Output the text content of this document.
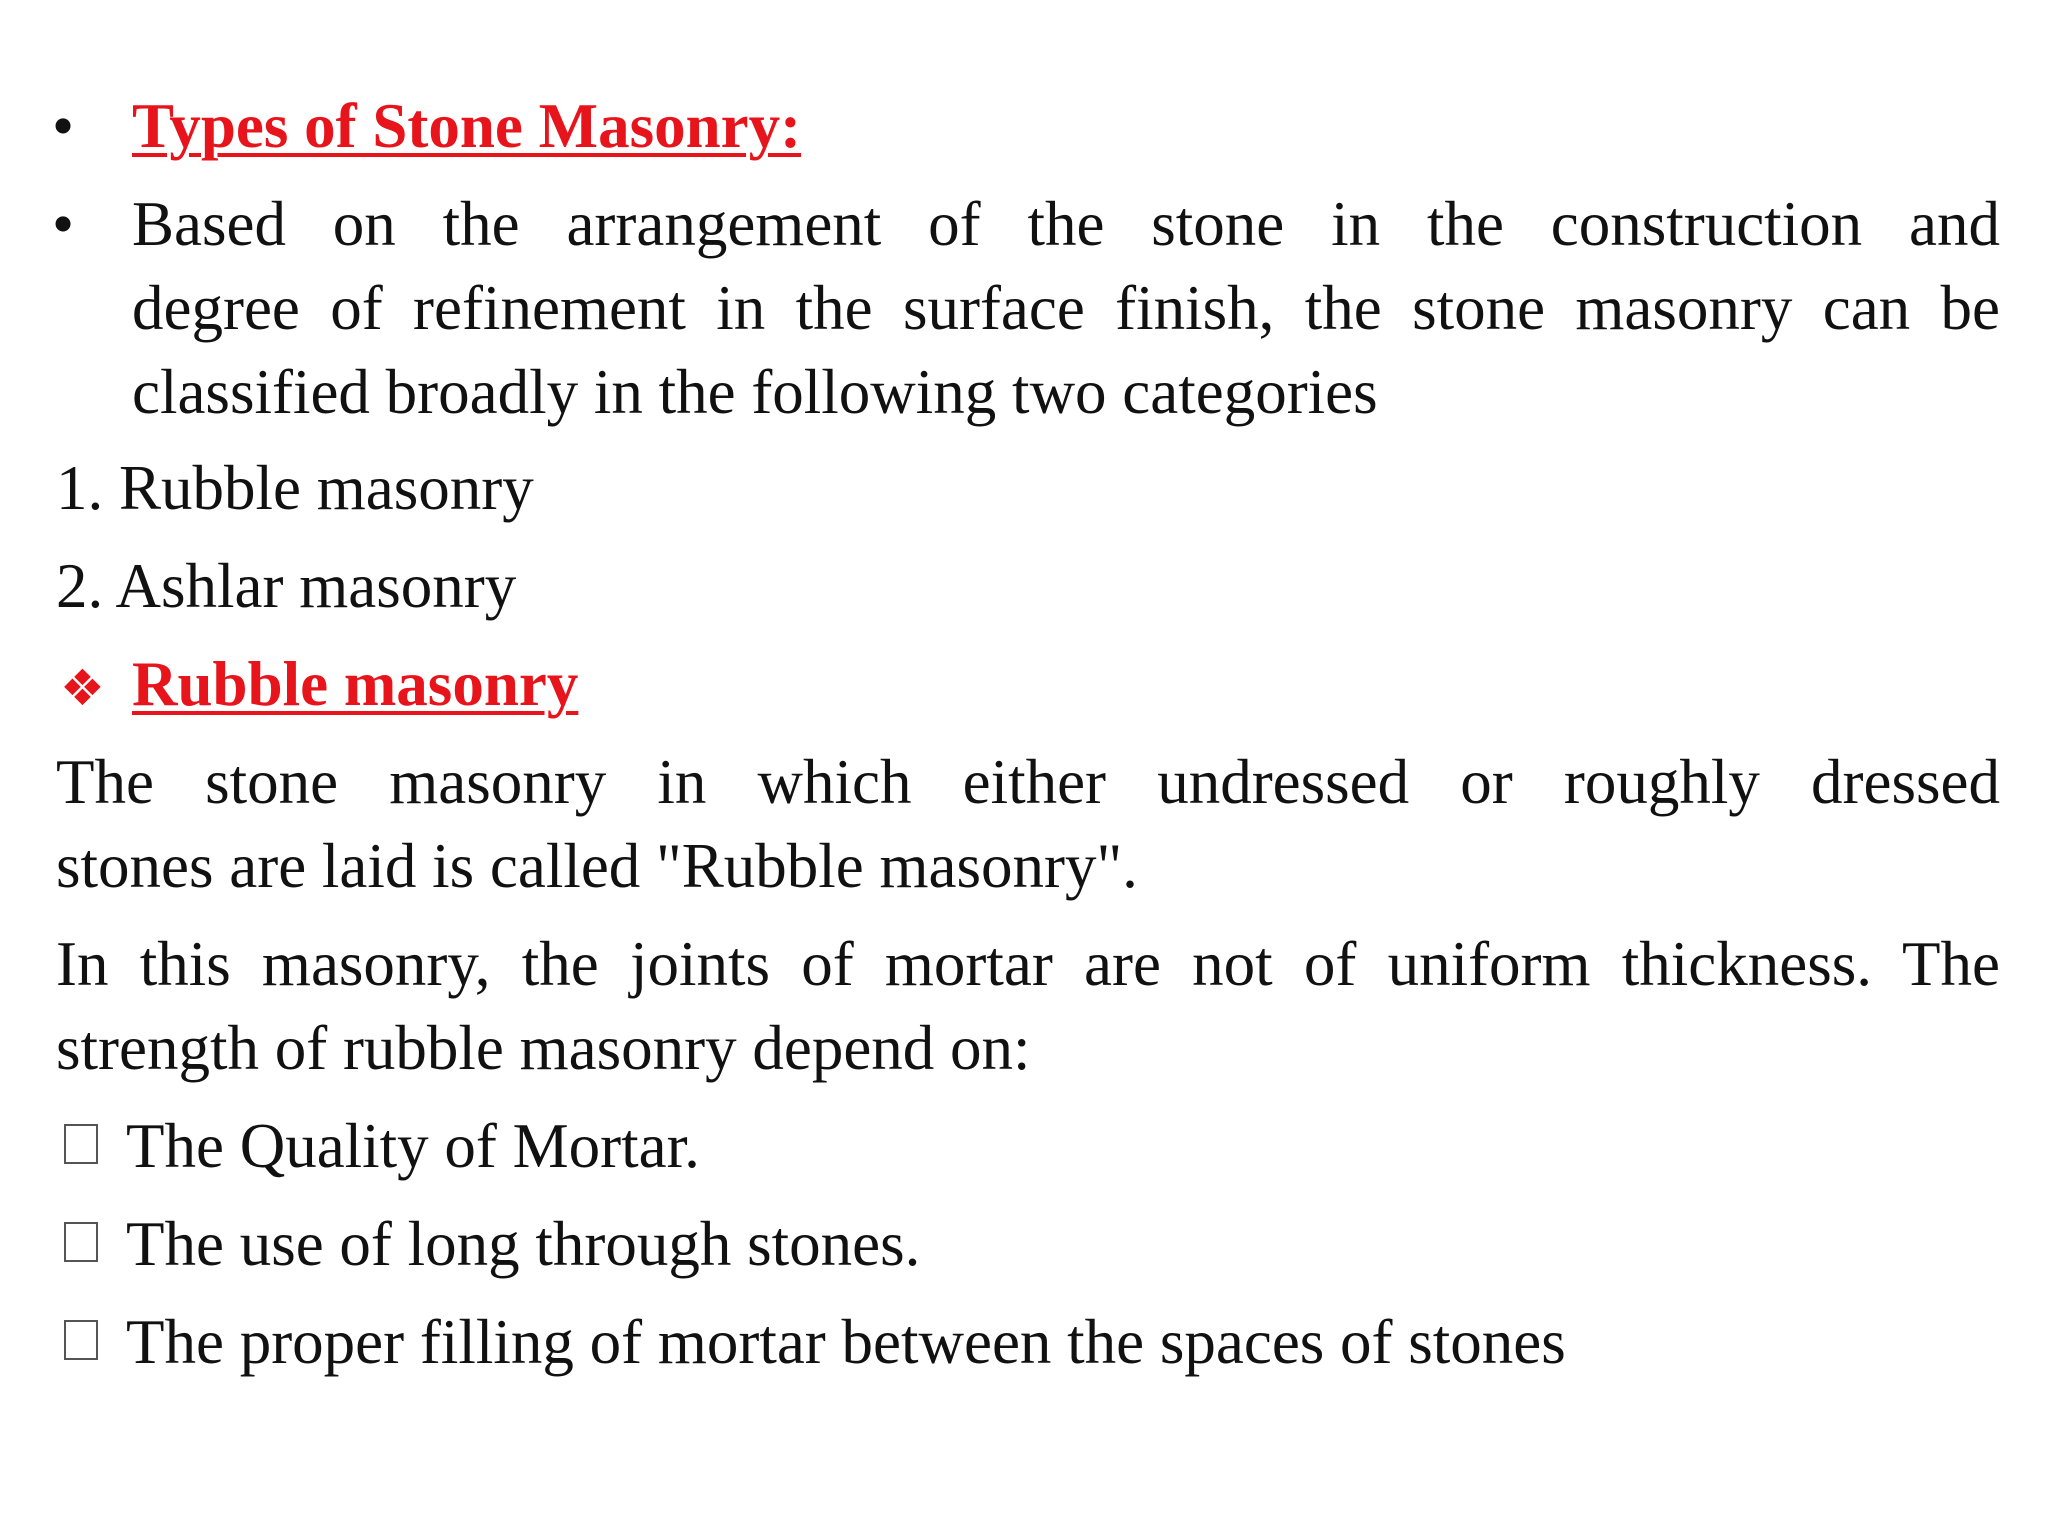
• Types of Stone Masonry:
• Based on the arrangement of the stone in the construction and
degree of refinement in the surface finish, the stone masonry can be
classified broadly in the following two categories
1. Rubble masonry
2. Ashlar masonry
❖ Rubble masonry
The stone masonry in which either undressed or roughly dressed
stones are laid is called "Rubble masonry".
In this masonry, the joints of mortar are not of uniform thickness. The
strength of rubble masonry depend on:
The Quality of Mortar.
The use of long through stones.
The proper filling of mortar between the spaces of stones
